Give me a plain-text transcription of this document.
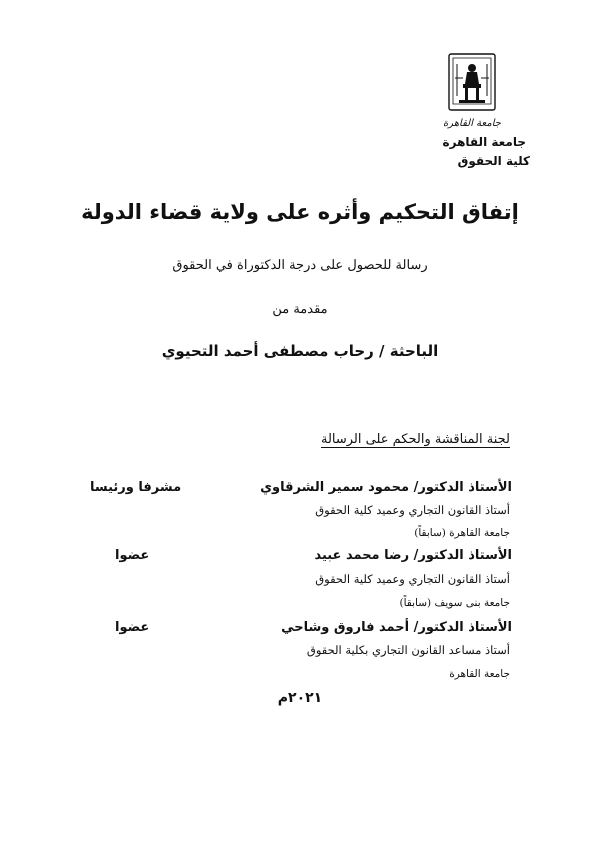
جامعة القاهرة
جامعة القاهرة
كلية الحقوق
إتفاق التحكيم وأثره على ولاية قضاء الدولة
رسالة للحصول على درجة الدكتوراة في الحقوق
مقدمة من
الباحثة / رحاب مصطفى أحمد التحيوي
لجنة المناقشة والحكم على الرسالة
الأستاذ الدكتور/ محمود سمير الشرقاوي
مشرفا ورئيسا
أستاذ القانون التجاري وعميد كلية الحقوق
جامعة القاهرة (سابقاً)
الأستاذ الدكتور/ رضا محمد عبيد
عضوا
أستاذ القانون التجاري وعميد كلية الحقوق
جامعة بنى سويف (سابقاً)
الأستاذ الدكتور/ أحمد فاروق وشاحي
عضوا
أستاذ مساعد القانون التجاري بكلية الحقوق
جامعة القاهرة
٢٠٢١م
